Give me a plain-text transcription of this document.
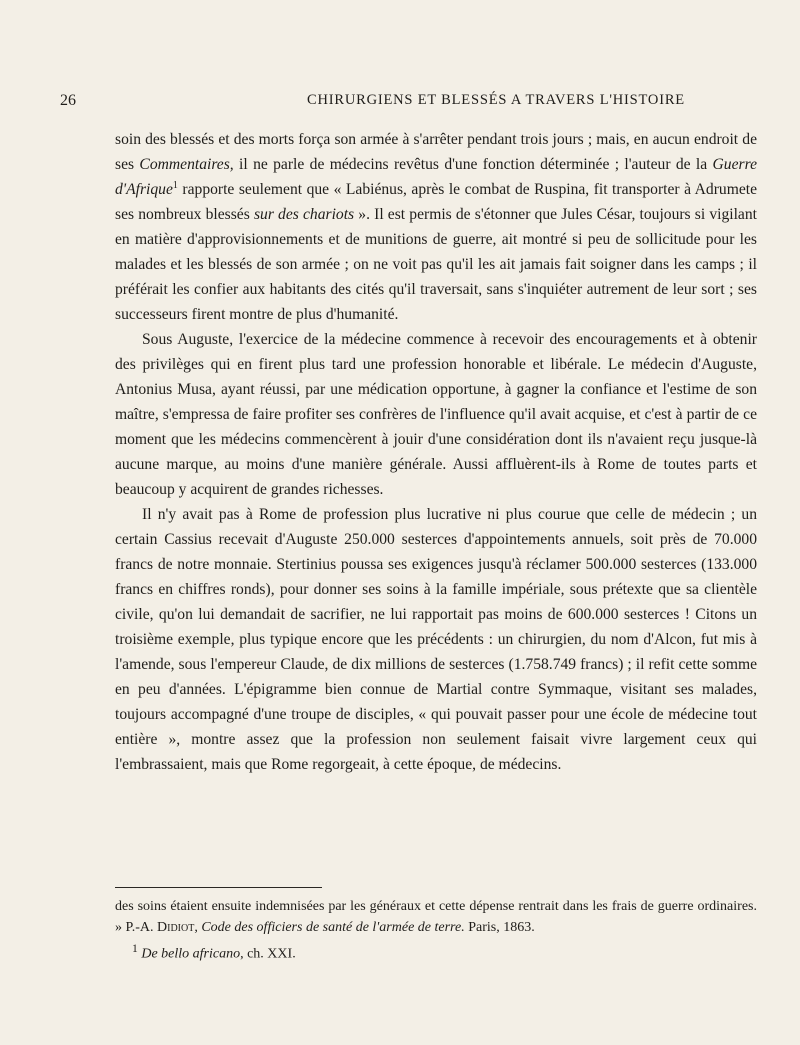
26	CHIRURGIENS ET BLESSÉS A TRAVERS L'HISTOIRE

soin des blessés et des morts força son armée à s'arrêter pendant trois jours ; mais, en aucun endroit de ses Commentaires, il ne parle de médecins revêtus d'une fonction déterminée ; l'auteur de la Guerre d'Afrique$^1$ rapporte seulement que « Labiénus, après le combat de Ruspina, fit transporter à Adrumete ses nombreux blessés sur des chariots ». Il est permis de s'étonner que Jules César, toujours si vigilant en matière d'approvisionnements et de munitions de guerre, ait montré si peu de sollicitude pour les malades et les blessés de son armée ; on ne voit pas qu'il les ait jamais fait soigner dans les camps ; il préférait les confier aux habitants des cités qu'il traversait, sans s'inquiéter autrement de leur sort ; ses successeurs firent montre de plus d'humanité.

Sous Auguste, l'exercice de la médecine commence à recevoir des encouragements et à obtenir des privilèges qui en firent plus tard une profession honorable et libérale. Le médecin d'Auguste, Antonius Musa, ayant réussi, par une médication opportune, à gagner la confiance et l'estime de son maître, s'empressa de faire profiter ses confrères de l'influence qu'il avait acquise, et c'est à partir de ce moment que les médecins commencèrent à jouir d'une considération dont ils n'avaient reçu jusque-là aucune marque, au moins d'une manière générale. Aussi affluèrent-ils à Rome de toutes parts et beaucoup y acquirent de grandes richesses.

Il n'y avait pas à Rome de profession plus lucrative ni plus courue que celle de médecin ; un certain Cassius recevait d'Auguste 250.000 sesterces d'appointements annuels, soit près de 70.000 francs de notre monnaie. Stertinius poussa ses exigences jusqu'à réclamer 500.000 sesterces (133.000 francs en chiffres ronds), pour donner ses soins à la famille impériale, sous prétexte que sa clientèle civile, qu'on lui demandait de sacrifier, ne lui rapportait pas moins de 600.000 sesterces ! Citons un troisième exemple, plus typique encore que les précédents : un chirurgien, du nom d'Alcon, fut mis à l'amende, sous l'empereur Claude, de dix millions de sesterces (1.758.749 francs) ; il refit cette somme en peu d'années. L'épigramme bien connue de Martial contre Symmaque, visitant ses malades, toujours accompagné d'une troupe de disciples, « qui pouvait passer pour une école de médecine tout entière », montre assez que la profession non seulement faisait vivre largement ceux qui l'embrassaient, mais que Rome regorgeait, à cette époque, de médecins.

des soins étaient ensuite indemnisées par les généraux et cette dépense rentrait dans les frais de guerre ordinaires. » P.-A. Didiot, Code des officiers de santé de l'armée de terre. Paris, 1863.

$^1$ De bello africano, ch. XXI.
